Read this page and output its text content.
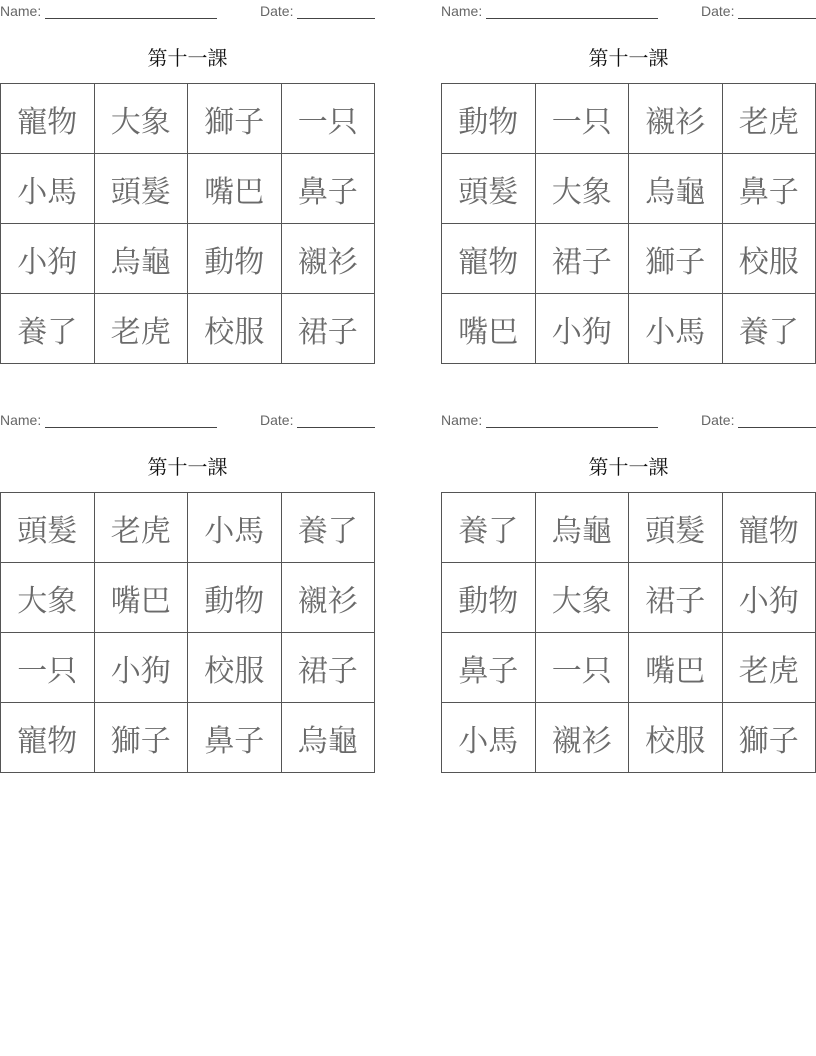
Name:	Date:
第十一課
寵物	大象	獅子	一只
小馬	頭髮	嘴巴	鼻子
小狗	烏龜	動物	襯衫
養了	老虎	校服	裙子
Name:	Date:
第十一課
動物	一只	襯衫	老虎
頭髮	大象	烏龜	鼻子
寵物	裙子	獅子	校服
嘴巴	小狗	小馬	養了
Name:	Date:
第十一課
頭髮	老虎	小馬	養了
大象	嘴巴	動物	襯衫
一只	小狗	校服	裙子
寵物	獅子	鼻子	烏龜
Name:	Date:
第十一課
養了	烏龜	頭髮	寵物
動物	大象	裙子	小狗
鼻子	一只	嘴巴	老虎
小馬	襯衫	校服	獅子
